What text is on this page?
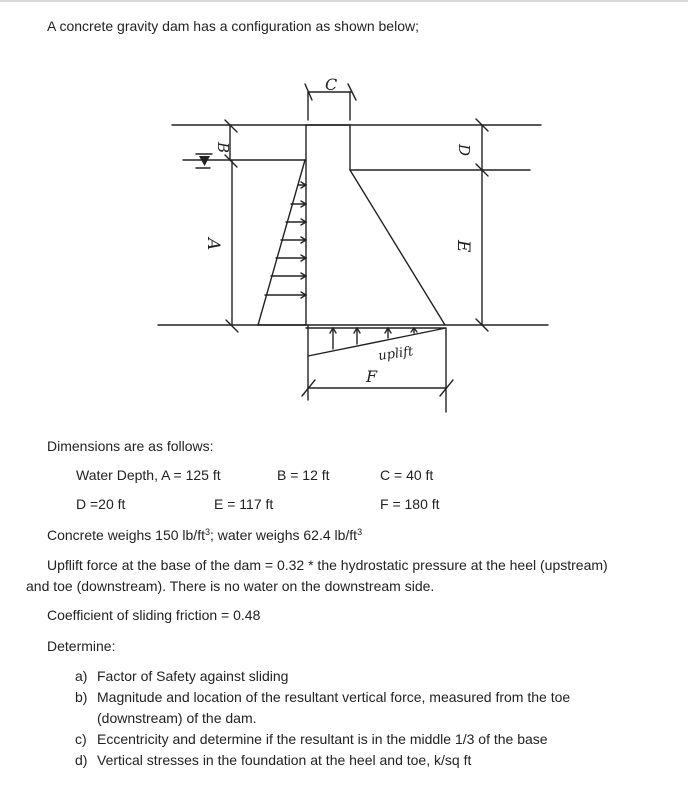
A concrete gravity dam has a configuration as shown below;
C
B
A
uplift
F
D
E
Dimensions are as follows:
Water Depth, A = 125 ft	B = 12 ft	C = 40 ft
D =20 ft	E = 117 ft	F = 180 ft
Concrete weighs 150 $lb/ft^3$; water weighs 62.4 $lb/ft^3$
Upflift force at the base of the dam = 0.32 * the hydrostatic pressure at the heel (upstream)
and toe (downstream). There is no water on the downstream side.
Coefficient of sliding friction = 0.48
Determine:
a) Factor of Safety against sliding
b) Magnitude and location of the resultant vertical force, measured from the toe
(downstream) of the dam.
c) Eccentricity and determine if the resultant is in the middle 1/3 of the base
d) Vertical stresses in the foundation at the heel and toe, k/sq ft
